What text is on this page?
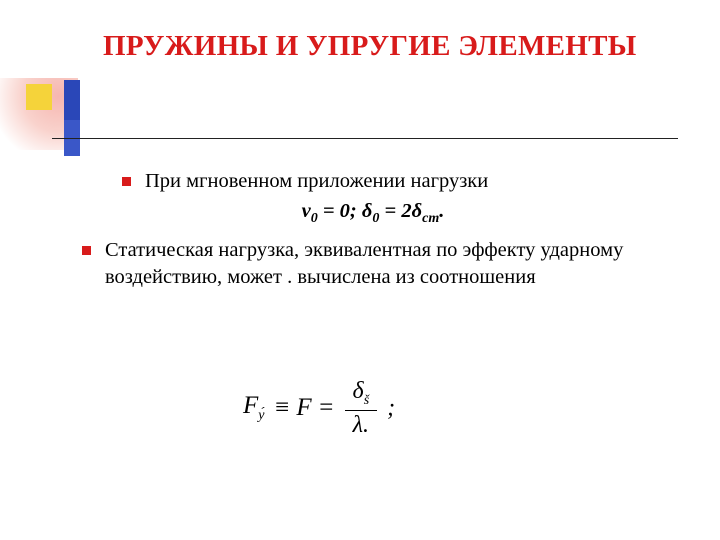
ПРУЖИНЫ И УПРУГИЕ ЭЛЕМЕНТЫ
При мгновенном приложении нагрузки
$v_0 = 0$; $\delta_0 = 2\delta_{ст}$.
Статическая нагрузка, эквивалентная по эффекту ударному воздействию, может . вычислена из соотношения
$F_{у́} \equiv F = \frac{\delta_š}{\lambda.}$ ;
